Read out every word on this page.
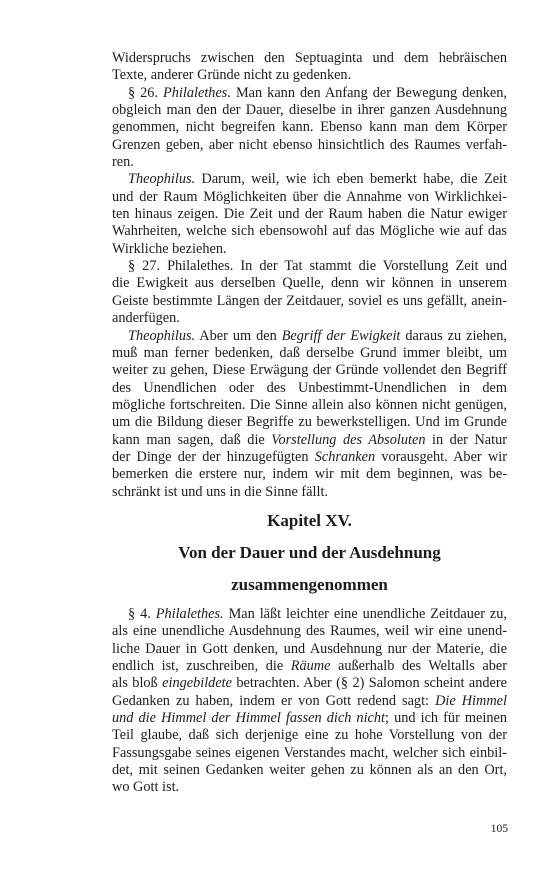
Widerspruchs zwischen den Septuaginta und dem hebräischen
Texte, anderer Gründe nicht zu gedenken.
§ 26. Philalethes. Man kann den Anfang der Bewegung denken,
obgleich man den der Dauer, dieselbe in ihrer ganzen Ausdehnung
genommen, nicht begreifen kann. Ebenso kann man dem Körper
Grenzen geben, aber nicht ebenso hinsichtlich des Raumes verfah-
ren.
Theophilus. Darum, weil, wie ich eben bemerkt habe, die Zeit
und der Raum Möglichkeiten über die Annahme von Wirklichkei-
ten hinaus zeigen. Die Zeit und der Raum haben die Natur ewiger
Wahrheiten, welche sich ebensowohl auf das Mögliche wie auf das
Wirkliche beziehen.
§ 27. Philalethes. In der Tat stammt die Vorstellung Zeit und
die Ewigkeit aus derselben Quelle, denn wir können in unserem
Geiste bestimmte Längen der Zeitdauer, soviel es uns gefällt, anein-
anderfügen.
Theophilus. Aber um den Begriff der Ewigkeit daraus zu ziehen,
muß man ferner bedenken, daß derselbe Grund immer bleibt, um
weiter zu gehen, Diese Erwägung der Gründe vollendet den Begriff
des Unendlichen oder des Unbestimmt-Unendlichen in dem
mögliche fortschreiten. Die Sinne allein also können nicht genügen,
um die Bildung dieser Begriffe zu bewerkstelligen. Und im Grunde
kann man sagen, daß die Vorstellung des Absoluten in der Natur
der Dinge der der hinzugefügten Schranken vorausgeht. Aber wir
bemerken die erstere nur, indem wir mit dem beginnen, was be-
schränkt ist und uns in die Sinne fällt.
Kapitel XV.
Von der Dauer und der Ausdehnung
zusammengenommen
§ 4. Philalethes. Man läßt leichter eine unendliche Zeitdauer zu,
als eine unendliche Ausdehnung des Raumes, weil wir eine unend-
liche Dauer in Gott denken, und Ausdehnung nur der Materie, die
endlich ist, zuschreiben, die Räume außerhalb des Weltalls aber
als bloß eingebildete betrachten. Aber (§ 2) Salomon scheint andere
Gedanken zu haben, indem er von Gott redend sagt: Die Himmel
und die Himmel der Himmel fassen dich nicht; und ich für meinen
Teil glaube, daß sich derjenige eine zu hohe Vorstellung von der
Fassungsgabe seines eigenen Verstandes macht, welcher sich einbil-
det, mit seinen Gedanken weiter gehen zu können als an den Ort,
wo Gott ist.
105
